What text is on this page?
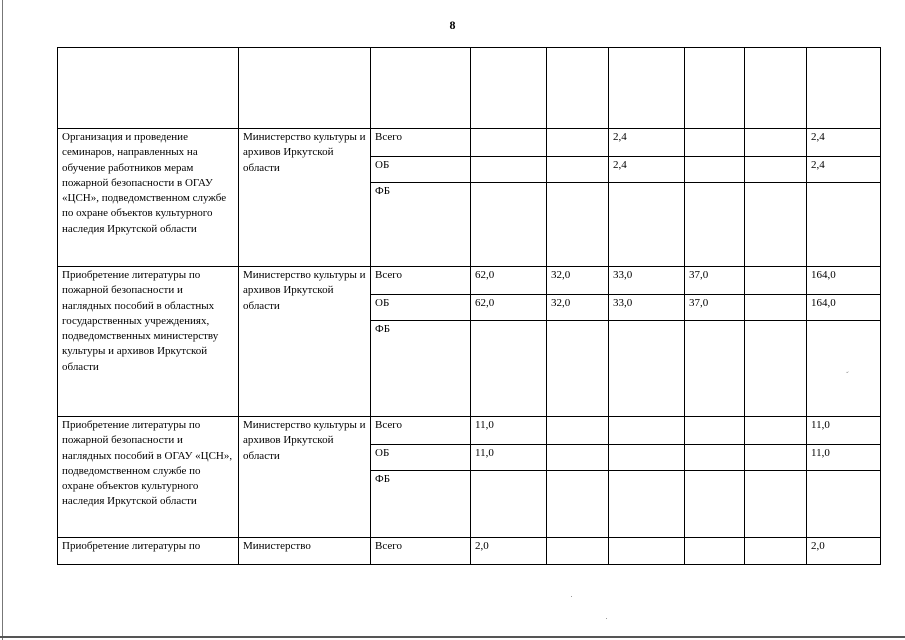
8

Организация и проведение семинаров, направленных на обучение работников мерам пожарной безопасности в ОГАУ «ЦСН», подведомственном службе по охране объектов культурного наследия Иркутской области	Министерство культуры и архивов Иркутской области	Всего			2,4			2,4
		ОБ			2,4			2,4
		ФБ						
Приобретение литературы по пожарной безопасности и наглядных пособий в областных государственных учреждениях, подведомственных министерству культуры и архивов Иркутской области	Министерство культуры и архивов Иркутской области	Всего	62,0	32,0	33,0	37,0		164,0
		ОБ	62,0	32,0	33,0	37,0		164,0
		ФБ						
Приобретение литературы по пожарной безопасности и наглядных пособий в ОГАУ «ЦСН», подведомственном службе по охране объектов культурного наследия Иркутской области	Министерство культуры и архивов Иркутской области	Всего	11,0					11,0
		ОБ	11,0					11,0
		ФБ						
Приобретение литературы по	Министерство	Всего	2,0					2,0
ˇ
